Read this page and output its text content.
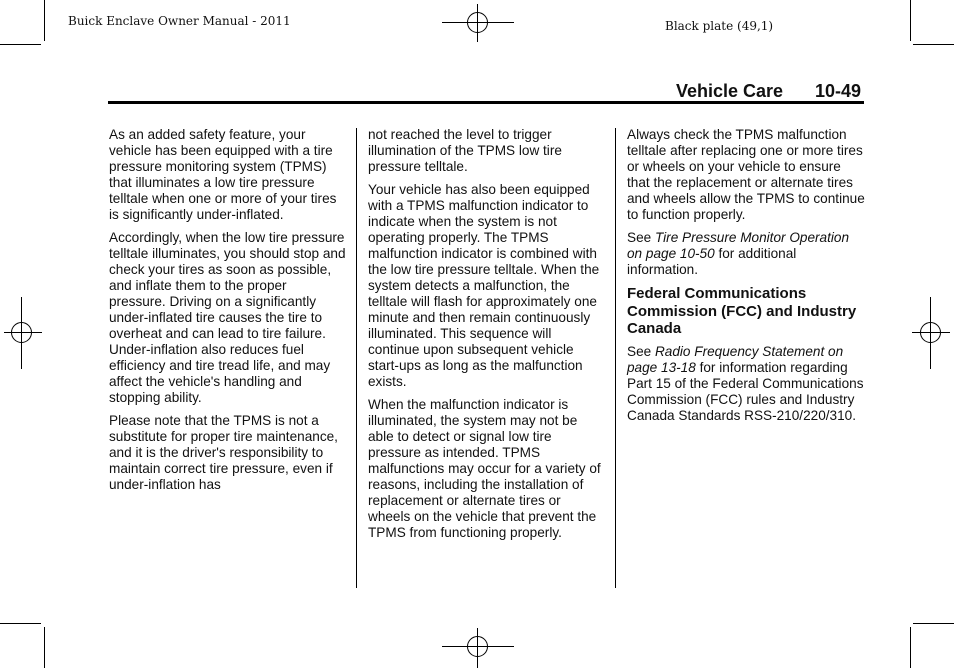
Buick Enclave Owner Manual - 2011	Black plate (49,1)
Vehicle Care 10-49

As an added safety feature, your vehicle has been equipped with a tire pressure monitoring system (TPMS) that illuminates a low tire pressure telltale when one or more of your tires is significantly under-inflated.

Accordingly, when the low tire pressure telltale illuminates, you should stop and check your tires as soon as possible, and inflate them to the proper pressure. Driving on a significantly under-inflated tire causes the tire to overheat and can lead to tire failure. Under-inflation also reduces fuel efficiency and tire tread life, and may affect the vehicle's handling and stopping ability.

Please note that the TPMS is not a substitute for proper tire maintenance, and it is the driver's responsibility to maintain correct tire pressure, even if under-inflation has

not reached the level to trigger illumination of the TPMS low tire pressure telltale.

Your vehicle has also been equipped with a TPMS malfunction indicator to indicate when the system is not operating properly. The TPMS malfunction indicator is combined with the low tire pressure telltale. When the system detects a malfunction, the telltale will flash for approximately one minute and then remain continuously illuminated. This sequence will continue upon subsequent vehicle start-ups as long as the malfunction exists.

When the malfunction indicator is illuminated, the system may not be able to detect or signal low tire pressure as intended. TPMS malfunctions may occur for a variety of reasons, including the installation of replacement or alternate tires or wheels on the vehicle that prevent the TPMS from functioning properly.

Always check the TPMS malfunction telltale after replacing one or more tires or wheels on your vehicle to ensure that the replacement or alternate tires and wheels allow the TPMS to continue to function properly.

See Tire Pressure Monitor Operation on page 10-50 for additional information.

Federal Communications Commission (FCC) and Industry Canada

See Radio Frequency Statement on page 13-18 for information regarding Part 15 of the Federal Communications Commission (FCC) rules and Industry Canada Standards RSS-210/220/310.
